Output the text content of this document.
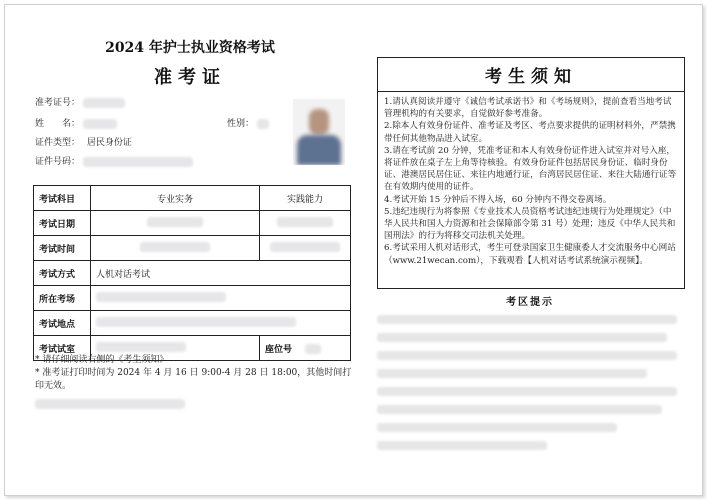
2024 年护士执业资格考试
准考证
准考证号：
姓　　名：	性别：
证件类型： 居民身份证
证件号码：
考试科目	专业实务	实践能力
考试日期		
考试时间		
考试方式	人机对话考试	
所在考场		
考试地点		
考试试室		座位号
* 请仔细阅读右侧的《考生须知》
* 准考证打印时间为 2024 年 4 月 16 日 9:00-4 月 28 日 18:00，其他时间打印无效。
考生须知

1.请认真阅读并遵守《诚信考试承诺书》和《考场规则》，提前查看当地考试管理机构的有关要求，自觉做好参考准备。

2.除本人有效身份证件、准考证及考区、考点要求提供的证明材料外，严禁携带任何其他物品进入试室。

3.请在考试前 20 分钟，凭准考证和本人有效身份证件进入试室并对号入座，将证件放在桌子左上角等待核验。有效身份证件包括居民身份证、临时身份证、港澳居民居住证、来往内地通行证，台湾居民居住证、来往大陆通行证等在有效期内使用的证件。

4.考试开始 15 分钟后不得入场，60 分钟内不得交卷离场。

5.违纪违规行为将参照《专业技术人员资格考试违纪违规行为处理规定》（中华人民共和国人力资源和社会保障部令第 31 号）处理；违反《中华人民共和国刑法》的行为将移交司法机关处理。

6.考试采用人机对话形式，考生可登录国家卫生健康委人才交流服务中心网站（www.21wecan.com），下载观看【人机对话考试系统演示视频】。

考区提示
